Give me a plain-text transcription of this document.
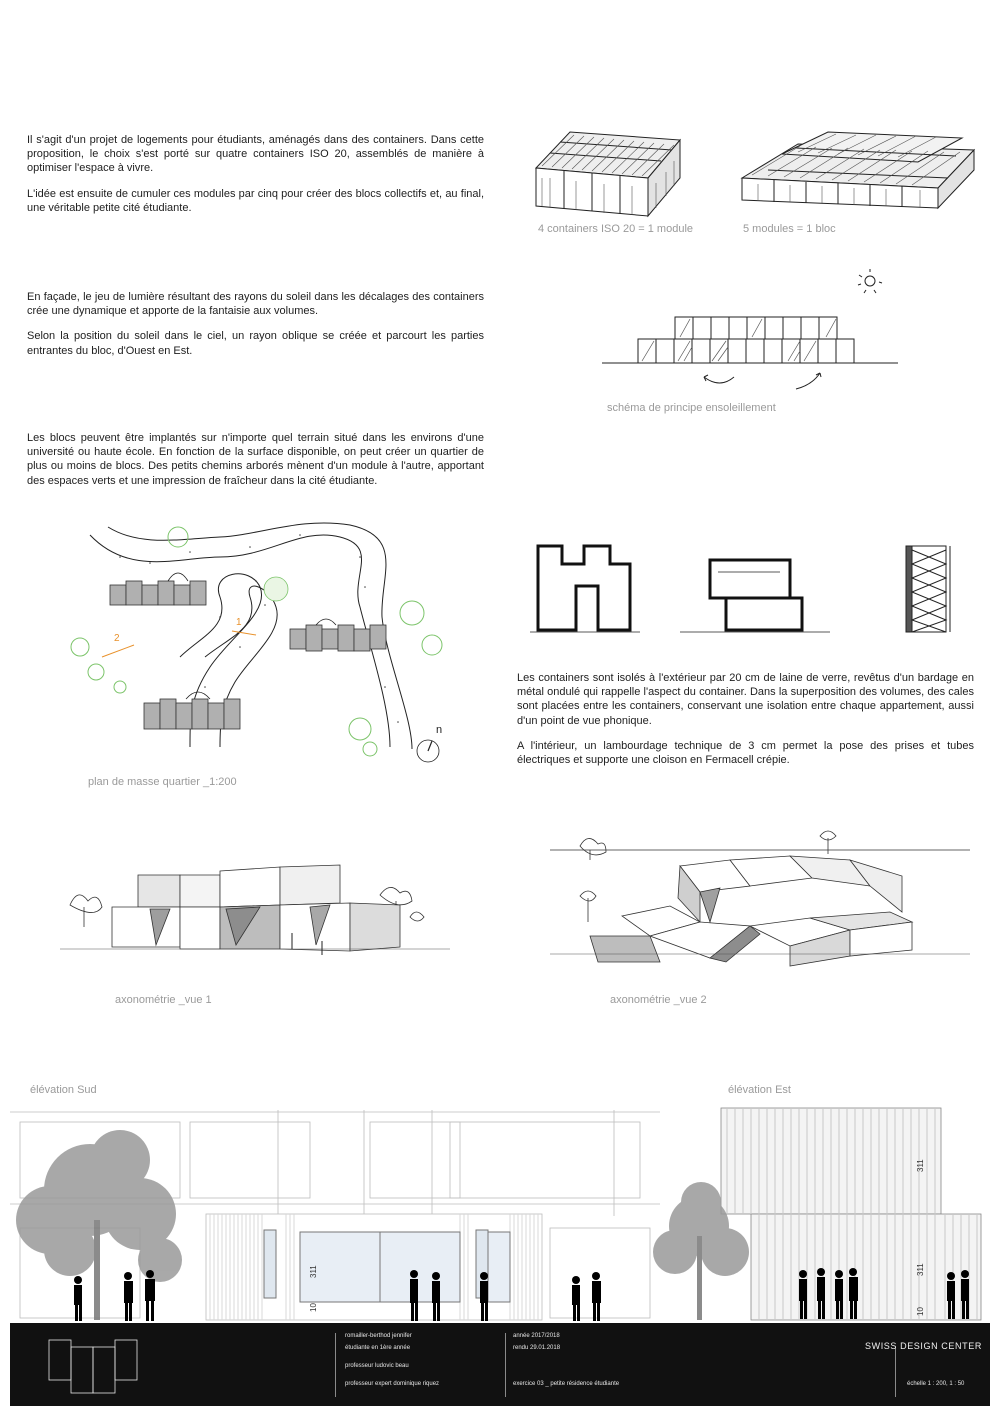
Il s'agit d'un projet de logements pour étudiants, aménagés dans des containers. Dans cette proposition, le choix s'est porté sur quatre containers ISO 20, assemblés de manière à optimiser l'espace à vivre.

L'idée est ensuite de cumuler ces modules par cinq pour créer des blocs collectifs et, au final, une véritable petite cité étudiante.

En façade, le jeu de lumière résultant des rayons du soleil dans les décalages des containers crée une dynamique et apporte de la fantaisie aux volumes.

Selon la position du soleil dans le ciel, un rayon oblique se créée et parcourt les parties entrantes du bloc, d'Ouest en Est.

Les blocs peuvent être implantés sur n'importe quel terrain situé dans les environs d'une université ou haute école. En fonction de la surface disponible, on peut créer un quartier de plus ou moins de blocs. Des petits chemins arborés mènent d'un module à l'autre, apportant des espaces verts et une impression de fraîcheur dans la cité étudiante.

Les containers sont isolés à l'extérieur par 20 cm de laine de verre, revêtus d'un bardage en métal ondulé qui rappelle l'aspect du container. Dans la superposition des volumes, des cales sont placées entre les containers, conservant une isolation entre chaque appartement, aussi d'un point de vue phonique.

A l'intérieur, un lambourdage technique de 3 cm permet la pose des prises et tubes électriques et supporte une cloison en Fermacell crépie.

4 containers ISO 20 = 1 module	5 modules = 1 bloc
schéma de principe ensoleillement
2
1
n
plan de masse quartier _1:200
axonométrie _vue 1	axonométrie _vue 2
élévation Sud
311
10
élévation Est
311
311
10
romailler-berthod jennifer
étudiante en 1ère année
professeur ludovic beau
professeur expert dominique riquez
année 2017/2018
rendu 29.01.2018
exercice 03 _ petite résidence étudiante
SWISS DESIGN CENTER
échelle 1 : 200, 1 : 50
